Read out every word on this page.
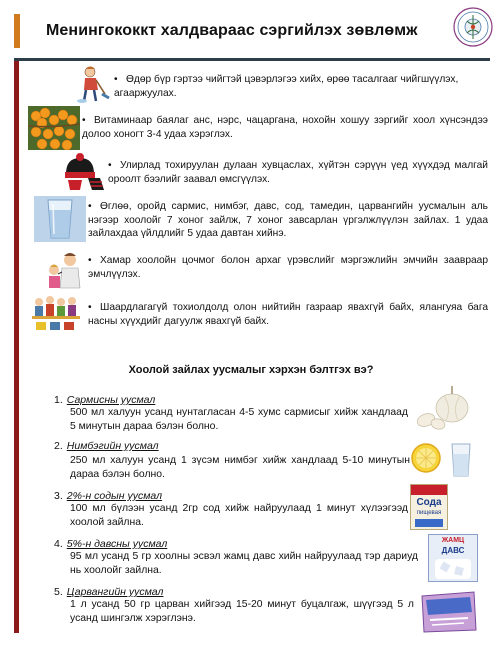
Менингококкт халдвараас сэргийлэх зөвлөмж
• Өдөр бүр гэртээ чийгтэй цэвэрлэгээ хийх, өрөө тасалгааг чийгшүүлэх, агааржуулах.
• Витаминаар баялаг анс, нэрс, чацаргана, нохойн хошуу зэргийг хоол хүнсэндээ долоо хоногт 3-4 удаа хэрэглэх.
• Улирлад тохируулан дулаан хувцаслах, хүйтэн сэрүүн үед хүүхдэд малгай ороолт бээлийг заавал өмсгүүлэх.
• Өглөө, оройд сармис, нимбэг, давс, сод, тамедин, царвангийн уусмалын аль нэгээр хоолойг 7 хоног зайлж, 7 хоног завсарлан үргэлжлүүлэн зайлах. 1 удаа зайлахдаа үйлдлийг 5 удаа давтан хийнэ.
• Хамар хоолойн цочмог болон архаг үрэвслийг мэргэжлийн эмчийн заавраар эмчлүүлэх.
• Шаардлагагүй тохиолдолд олон нийтийн газраар явахгүй байх, ялангуяа бага насны хүүхдийг дагуулж явахгүй байх.
Хоолой зайлах уусмалыг хэрхэн бэлтгэх вэ?
1. Сармисны уусмал
500 мл халуун усанд нунтагласан 4-5 хумс сармисыг хийж хандлаад 5 минутын дараа бэлэн болно.
2. Нимбэгийн уусмал
250 мл халуун усанд 1 зүсэм нимбэг хийж хандлаад 5-10 минутын дараа бэлэн болно.
3. 2%-н содын уусмал
100 мл бүлээн усанд 2гр сод хийж найруулаад 1 минут хүлээгээд хоолой зайлна.
Сода
пищевая
4. 5%-н давсны уусмал
95 мл усанд 5 гр хоолны эсвэл жамц давс хийн найруулаад тэр дариуд нь хоолойг зайлна.
ЖАМЦ
ДАВС
5. Царвангийн уусмал
1 л усанд 50 гр царван хийгээд 15-20 минут буцалгаж, шүүгээд 5 л усанд шингэлж хэрэглэнэ.
